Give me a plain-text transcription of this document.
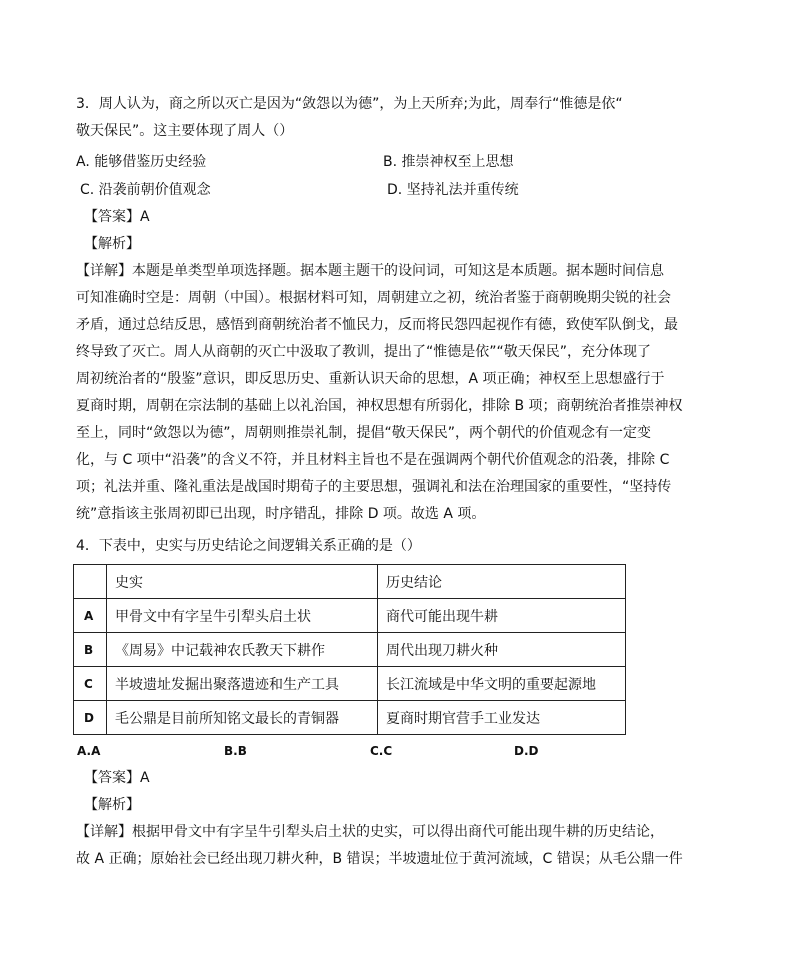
3．周人认为，商之所以灭亡是因为“敛怨以为德”，为上天所弃;为此，周奉行“惟德是依“
敬天保民”。这主要体现了周人（）
A. 能够借鉴历史经验	B. 推崇神权至上思想
C. 沿袭前朝价值观念	D. 坚持礼法并重传统
【答案】A
【解析】
【详解】本题是单类型单项选择题。据本题主题干的设问词，可知这是本质题。据本题时间信息
可知准确时空是：周朝（中国）。根据材料可知，周朝建立之初，统治者鉴于商朝晚期尖锐的社会
矛盾，通过总结反思，感悟到商朝统治者不恤民力，反而将民怨四起视作有德，致使军队倒戈，最
终导致了灭亡。周人从商朝的灭亡中汲取了教训，提出了“惟德是依”“敬天保民”，充分体现了
周初统治者的“殷鉴”意识，即反思历史、重新认识天命的思想，A 项正确；神权至上思想盛行于
夏商时期，周朝在宗法制的基础上以礼治国，神权思想有所弱化，排除 B 项；商朝统治者推崇神权
至上，同时“敛怨以为德”，周朝则推崇礼制，提倡“敬天保民”，两个朝代的价值观念有一定变
化，与 C 项中“沿袭”的含义不符，并且材料主旨也不是在强调两个朝代价值观念的沿袭，排除 C
项；礼法并重、隆礼重法是战国时期荀子的主要思想，强调礼和法在治理国家的重要性，“坚持传
统”意指该主张周初即已出现，时序错乱，排除 D 项。故选 A 项。
4．下表中，史实与历史结论之间逻辑关系正确的是（）
	史实	历史结论
A	甲骨文中有字呈牛引犁头启土状	商代可能出现牛耕
B	《周易》中记载神农氏教天下耕作	周代出现刀耕火种
C	半坡遗址发掘出聚落遗迹和生产工具	长江流域是中华文明的重要起源地
D	毛公鼎是目前所知铭文最长的青铜器	夏商时期官营手工业发达
A.A	B.B	C.C	D.D
【答案】A
【解析】
【详解】根据甲骨文中有字呈牛引犁头启土状的史实，可以得出商代可能出现牛耕的历史结论，
故 A 正确；原始社会已经出现刀耕火种，B 错误；半坡遗址位于黄河流域，C 错误；从毛公鼎一件
